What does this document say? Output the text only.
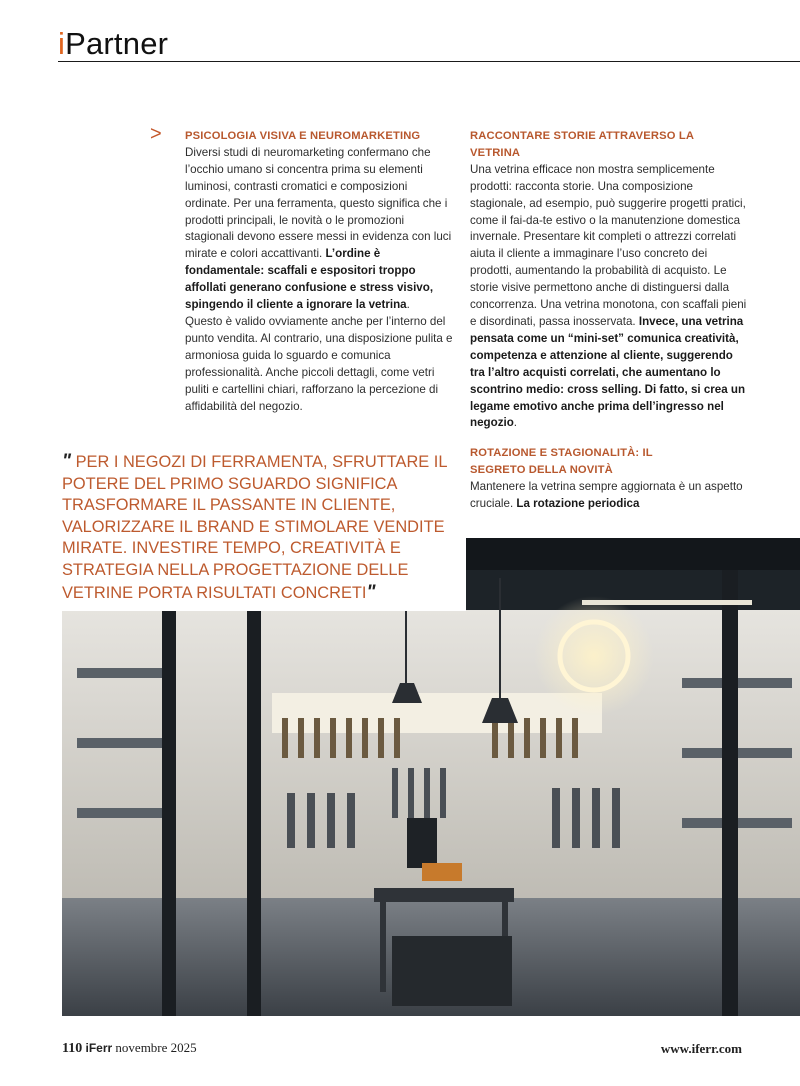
iPartner
> PSICOLOGIA VISIVA E NEUROMARKETING

Diversi studi di neuromarketing confermano che l’occhio umano si concentra prima su elementi luminosi, contrasti cromatici e composizioni ordinate. Per una ferramenta, questo significa che i prodotti principali, le novità o le promozioni stagionali devono essere messi in evidenza con luci mirate e colori accattivanti. L’ordine è fondamentale: scaffali e espositori troppo affollati generano confusione e stress visivo, spingendo il cliente a ignorare la vetrina.

Questo è valido ovviamente anche per l’interno del punto vendita. Al contrario, una disposizione pulita e armoniosa guida lo sguardo e comunica professionalità. Anche piccoli dettagli, come vetri puliti e cartellini chiari, rafforzano la percezione di affidabilità del negozio.

RACCONTARE STORIE ATTRAVERSO LA VETRINA

Una vetrina efficace non mostra semplicemente prodotti: racconta storie. Una composizione stagionale, ad esempio, può suggerire progetti pratici, come il fai-da-te estivo o la manutenzione domestica invernale. Presentare kit completi o attrezzi correlati aiuta il cliente a immaginare l’uso concreto dei prodotti, aumentando la probabilità di acquisto. Le storie visive permettono anche di distinguersi dalla concorrenza. Una vetrina monotona, con scaffali pieni e disordinati, passa inosservata. Invece, una vetrina pensata come un “mini-set” comunica creatività, competenza e attenzione al cliente, suggerendo tra l’altro acquisti correlati, che aumentano lo scontrino medio: cross selling. Di fatto, si crea un legame emotivo anche prima dell’ingresso nel negozio.

ROTAZIONE E STAGIONALITÀ: IL SEGRETO DELLA NOVITÀ

Mantenere la vetrina sempre aggiornata è un aspetto cruciale. La rotazione periodica

" PER I NEGOZI DI FERRAMENTA, SFRUTTARE IL POTERE DEL PRIMO SGUARDO SIGNIFICA TRASFORMARE IL PASSANTE IN CLIENTE, VALORIZZARE IL BRAND E STIMOLARE VENDITE MIRATE. INVESTIRE TEMPO, CREATIVITÀ E STRATEGIA NELLA PROGETTAZIONE DELLE VETRINE PORTA RISULTATI CONCRETI"
110 iFerr novembre 2025	www.iferr.com
